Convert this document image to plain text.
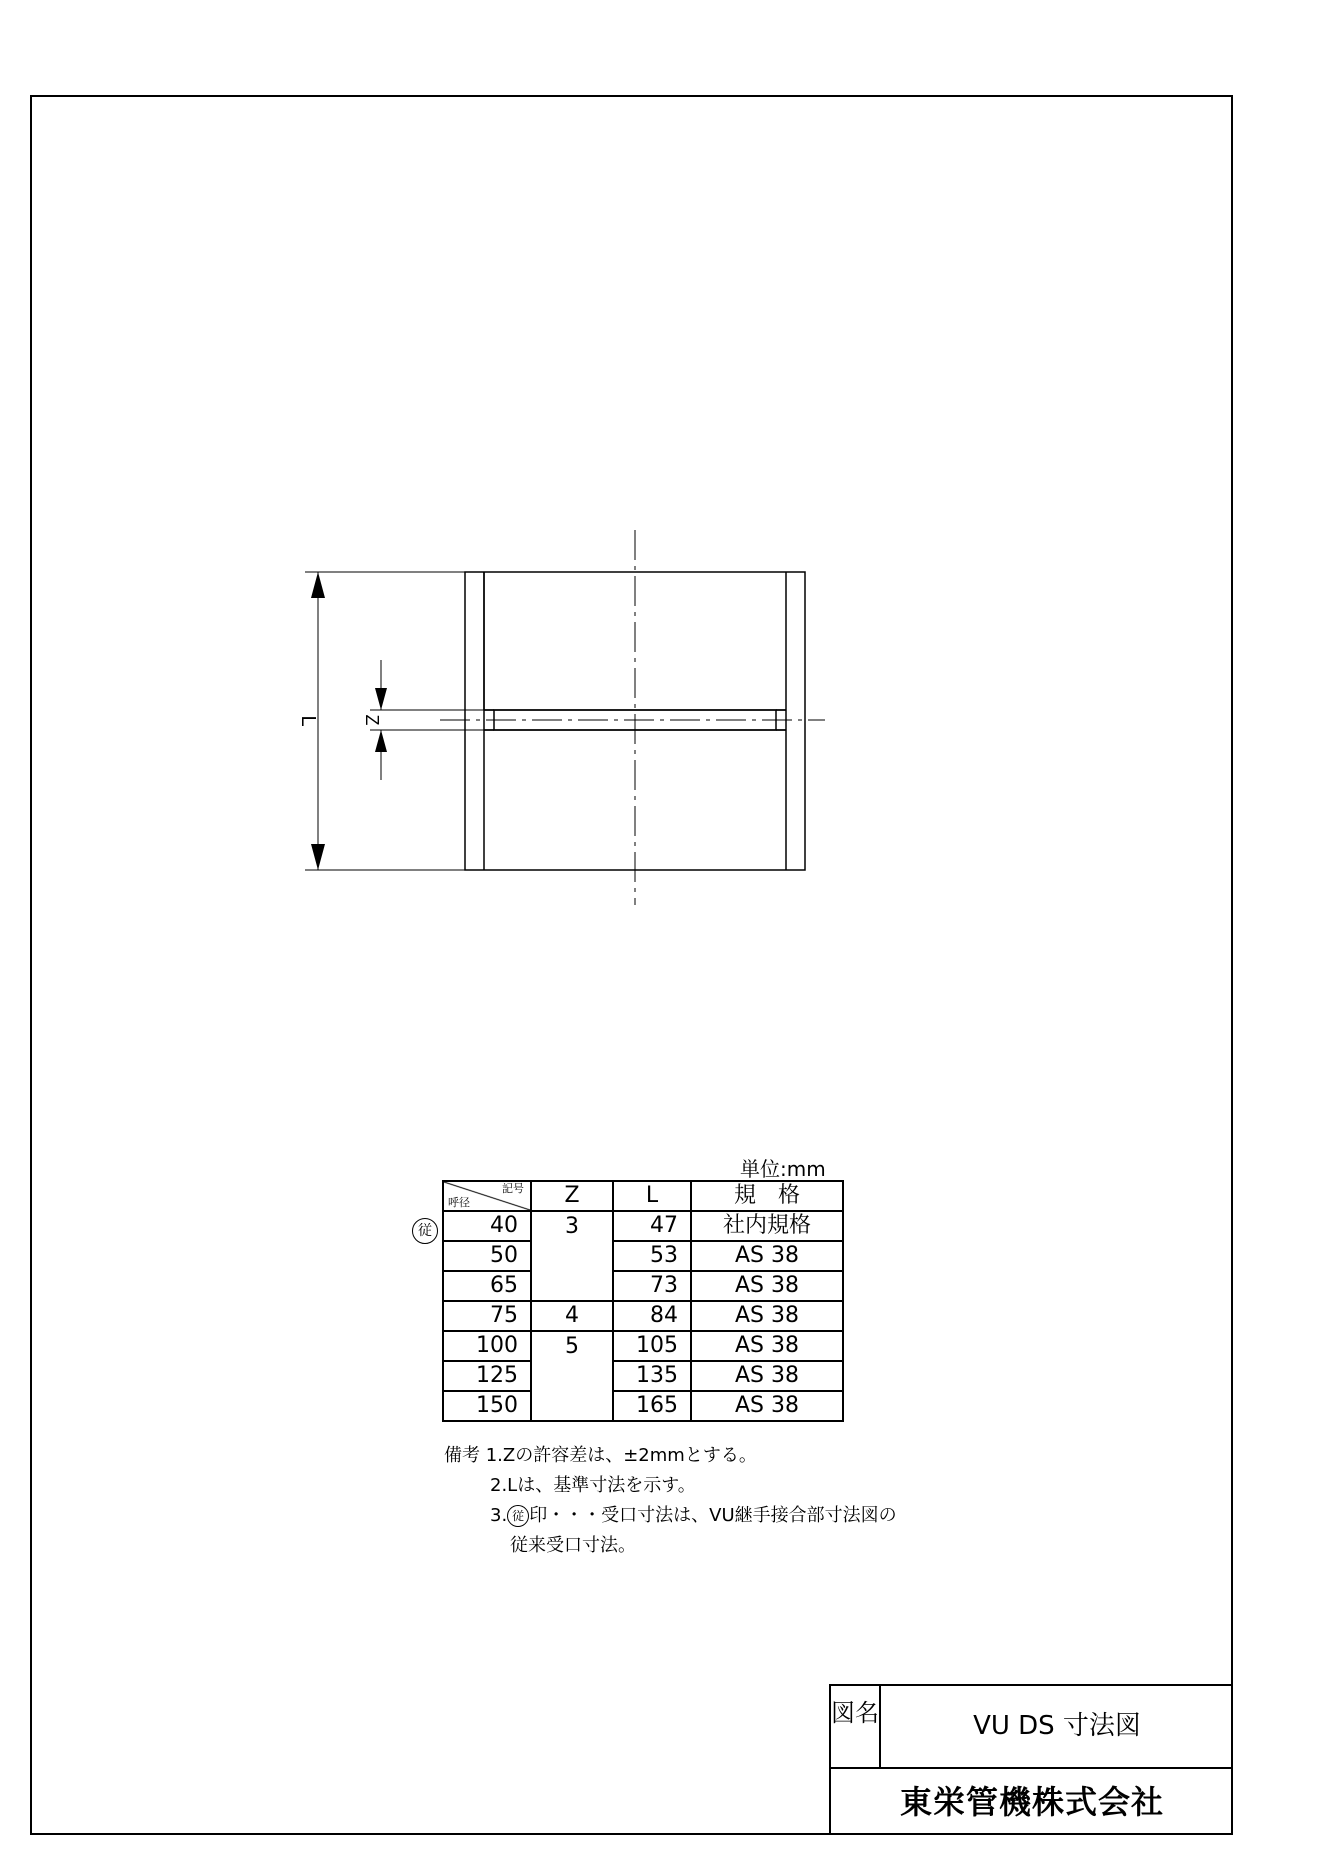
L Z
単位:mm
従
記号
呼径	Z	L	規　格
40	3	47	社内規格
50		53	AS 38
65		73	AS 38
75	4	84	AS 38
100	5	105	AS 38
125		135	AS 38
150		165	AS 38
備考 1.Zの許容差は、±2mmとする。
2.Lは、基準寸法を示す。
3. 従 印・・・受口寸法は、VU継手接合部寸法図の
従来受口寸法。
図名	VU DS 寸法図
東栄管機株式会社
